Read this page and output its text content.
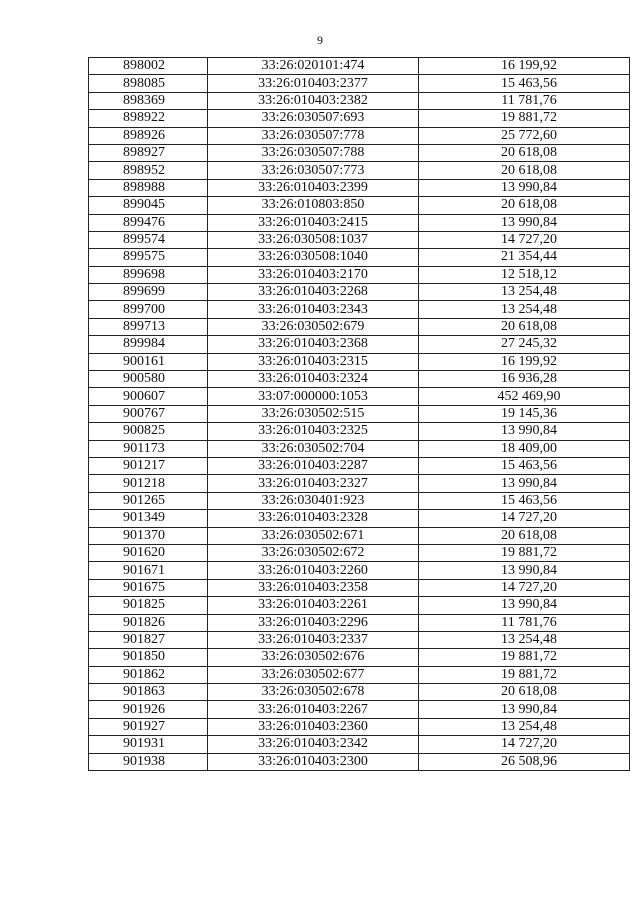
9
898002	33:26:020101:474	16 199,92
898085	33:26:010403:2377	15 463,56
898369	33:26:010403:2382	11 781,76
898922	33:26:030507:693	19 881,72
898926	33:26:030507:778	25 772,60
898927	33:26:030507:788	20 618,08
898952	33:26:030507:773	20 618,08
898988	33:26:010403:2399	13 990,84
899045	33:26:010803:850	20 618,08
899476	33:26:010403:2415	13 990,84
899574	33:26:030508:1037	14 727,20
899575	33:26:030508:1040	21 354,44
899698	33:26:010403:2170	12 518,12
899699	33:26:010403:2268	13 254,48
899700	33:26:010403:2343	13 254,48
899713	33:26:030502:679	20 618,08
899984	33:26:010403:2368	27 245,32
900161	33:26:010403:2315	16 199,92
900580	33:26:010403:2324	16 936,28
900607	33:07:000000:1053	452 469,90
900767	33:26:030502:515	19 145,36
900825	33:26:010403:2325	13 990,84
901173	33:26:030502:704	18 409,00
901217	33:26:010403:2287	15 463,56
901218	33:26:010403:2327	13 990,84
901265	33:26:030401:923	15 463,56
901349	33:26:010403:2328	14 727,20
901370	33:26:030502:671	20 618,08
901620	33:26:030502:672	19 881,72
901671	33:26:010403:2260	13 990,84
901675	33:26:010403:2358	14 727,20
901825	33:26:010403:2261	13 990,84
901826	33:26:010403:2296	11 781,76
901827	33:26:010403:2337	13 254,48
901850	33:26:030502:676	19 881,72
901862	33:26:030502:677	19 881,72
901863	33:26:030502:678	20 618,08
901926	33:26:010403:2267	13 990,84
901927	33:26:010403:2360	13 254,48
901931	33:26:010403:2342	14 727,20
901938	33:26:010403:2300	26 508,96
